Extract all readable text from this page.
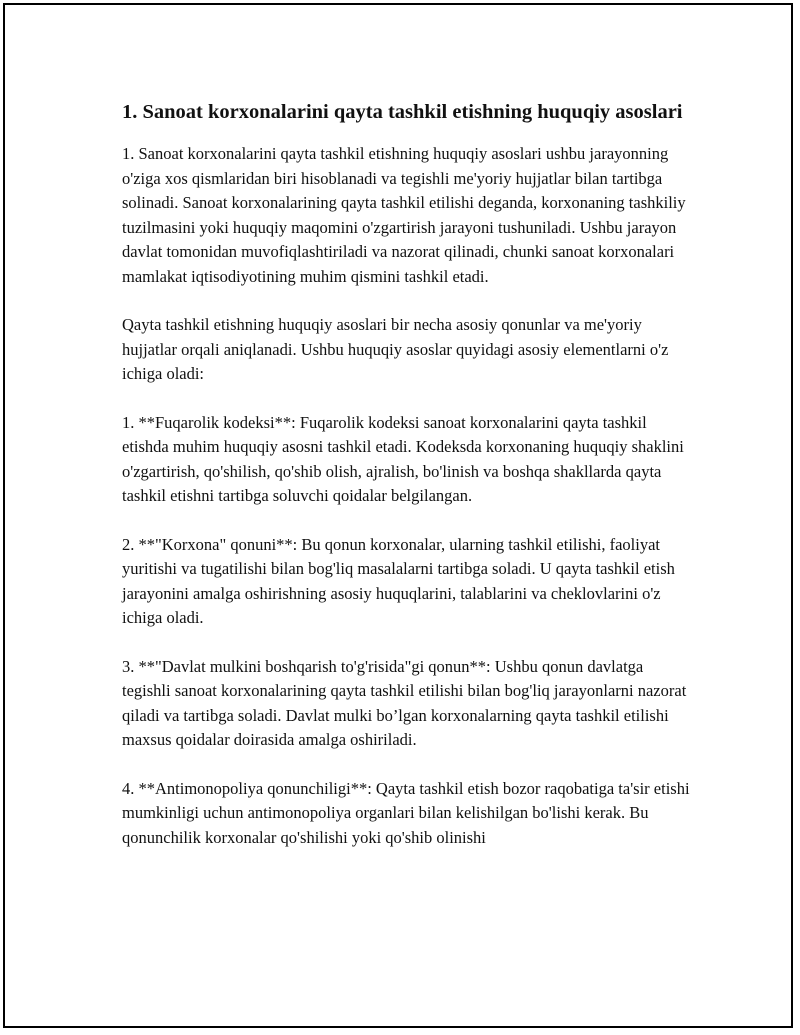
1. Sanoat korxonalarini qayta tashkil etishning huquqiy asoslari

1. Sanoat korxonalarini qayta tashkil etishning huquqiy asoslari ushbu jarayonning o'ziga xos qismlaridan biri hisoblanadi va tegishli me'yoriy hujjatlar bilan tartibga solinadi. Sanoat korxonalarining qayta tashkil etilishi deganda, korxonaning tashkiliy tuzilmasini yoki huquqiy maqomini o'zgartirish jarayoni tushuniladi. Ushbu jarayon davlat tomonidan muvofiqlashtiriladi va nazorat qilinadi, chunki sanoat korxonalari mamlakat iqtisodiyotining muhim qismini tashkil etadi.

Qayta tashkil etishning huquqiy asoslari bir necha asosiy qonunlar va me'yoriy hujjatlar orqali aniqlanadi. Ushbu huquqiy asoslar quyidagi asosiy elementlarni o'z ichiga oladi:

1. **Fuqarolik kodeksi**: Fuqarolik kodeksi sanoat korxonalarini qayta tashkil etishda muhim huquqiy asosni tashkil etadi. Kodeksda korxonaning huquqiy shaklini o'zgartirish, qo'shilish, qo'shib olish, ajralish, bo'linish va boshqa shakllarda qayta tashkil etishni tartibga soluvchi qoidalar belgilangan.

2. **"Korxona" qonuni**: Bu qonun korxonalar, ularning tashkil etilishi, faoliyat yuritishi va tugatilishi bilan bog'liq masalalarni tartibga soladi. U qayta tashkil etish jarayonini amalga oshirishning asosiy huquqlarini, talablarini va cheklovlarini o'z ichiga oladi.

3. **"Davlat mulkini boshqarish to'g'risida"gi qonun**: Ushbu qonun davlatga tegishli sanoat korxonalarining qayta tashkil etilishi bilan bog'liq jarayonlarni nazorat qiladi va tartibga soladi. Davlat mulki bo’lgan korxonalarning qayta tashkil etilishi maxsus qoidalar doirasida amalga oshiriladi.

4. **Antimonopoliya qonunchiligi**: Qayta tashkil etish bozor raqobatiga ta'sir etishi mumkinligi uchun antimonopoliya organlari bilan kelishilgan bo'lishi kerak. Bu qonunchilik korxonalar qo'shilishi yoki qo'shib olinishi
